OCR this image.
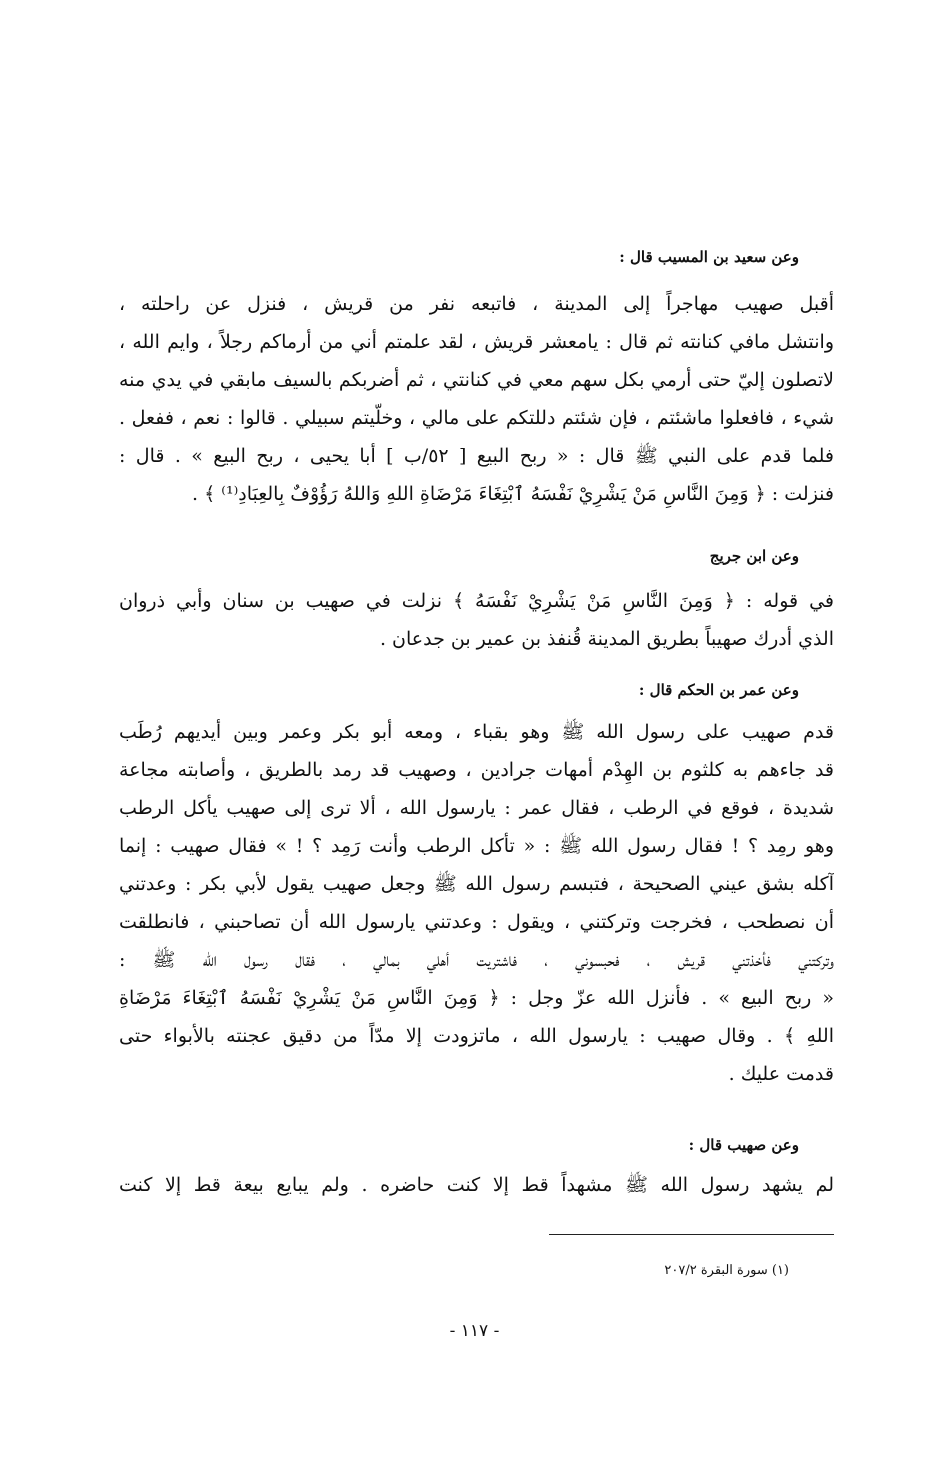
وعن سعيد بن المسيب قال :
أقبل صهيب مهاجراً إلى المدينة ، فاتبعه نفر من قريش ، فنزل عن راحلته ،
وانتشل مافي كنانته ثم قال : يامعشر قريش ، لقد علمتم أني من أرماكم رجلاً ، وايم الله ،
لاتصلون إليّ حتى أرمي بكل سهم معي في كنانتي ، ثم أضربكم بالسيف مابقي في يدي منه
شيء ، فافعلوا ماشئتم ، فإن شئتم دللتكم على مالي ، وخلّيتم سبيلي . قالوا : نعم ، ففعل .
فلما قدم على النبي ﷺ قال : « ربح البيع [ ٥٢/ب ] أبا يحيى ، ربح البيع » . قال :
فنزلت : ﴿ وَمِنَ النَّاسِ مَنْ يَشْرِيْ نَفْسَهُ ٱبْتِغَاءَ مَرْضَاةِ اللهِ وَاللهُ رَؤُوْفٌ بِالعِبَادِ⁽¹⁾ ﴾ .
وعن ابن جريج
في قوله : ﴿ وَمِنَ النَّاسِ مَنْ يَشْرِيْ نَفْسَهُ ﴾ نزلت في صهيب بن سنان وأبي ذروان
الذي أدرك صهيباً بطريق المدينة قُنفذ بن عمير بن جدعان .
وعن عمر بن الحكم قال :
قدم صهيب على رسول الله ﷺ وهو بقباء ، ومعه أبو بكر وعمر وبين أيديهم رُطَب
قد جاءهم به كلثوم بن الهِدْم أمهات جرادين ، وصهيب قد رمد بالطريق ، وأصابته مجاعة
شديدة ، فوقع في الرطب ، فقال عمر : يارسول الله ، ألا ترى إلى صهيب يأكل الرطب
وهو رمِد ؟ ! فقال رسول الله ﷺ : « تأكل الرطب وأنت رَمِد ؟ ! » فقال صهيب : إنما
آكله بشق عيني الصحيحة ، فتبسم رسول الله ﷺ وجعل صهيب يقول لأبي بكر : وعدتني
أن نصطحب ، فخرجت وتركتني ، ويقول : وعدتني يارسول الله أن تصاحبني ، فانطلقت
وتركتني فأخذتني قريش ، فحبسوني ، فاشتريت أهلي بمالي ، فقال رسول الله ﷺ :
« ربح البيع » . فأنزل الله عزّ وجل : ﴿ وَمِنَ النَّاسِ مَنْ يَشْرِيْ نَفْسَهُ ٱبْتِغَاءَ مَرْضَاةِ
اللهِ ﴾ . وقال صهيب : يارسول الله ، ماتزودت إلا مدّاً من دقيق عجنته بالأبواء حتى
قدمت عليك .
وعن صهيب قال :
لم يشهد رسول الله ﷺ مشهداً قط إلا كنت حاضره . ولم يبايع بيعة قط إلا كنت
(١) سورة البقرة ٢٠٧/٢
- ١١٧ -
